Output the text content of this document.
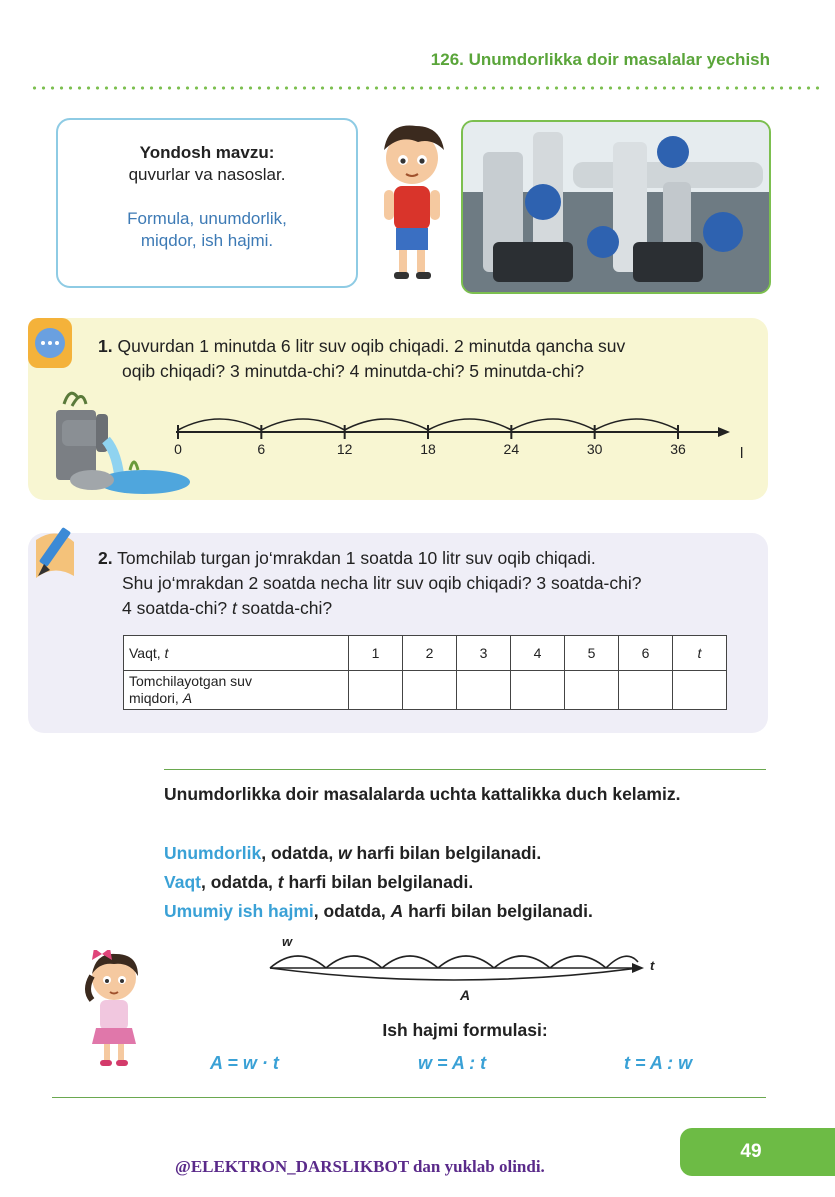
126. Unumdorlikka doir masalalar yechish
Yondosh mavzu:
quvurlar va nasoslar.
Formula, unumdorlik,
miqdor, ish hajmi.
1. Quvurdan 1 minutda 6 litr suv oqib chiqadi. 2 minutda qancha suv
oqib chiqadi? 3 minutda-chi? 4 minutda-chi? 5 minutda-chi?
0	6	12	18	24	30	36	l
2. Tomchilab turgan jo‘mrakdan 1 soatda 10 litr suv oqib chiqadi.
Shu jo‘mrakdan 2 soatda necha litr suv oqib chiqadi? 3 soatda-chi?
4 soatda-chi? t soatda-chi?
Vaqt, t	1	2	3	4	5	6	t

Tomchilayotgan suv
miqdori, A							

Unumdorlikka doir masalalarda uchta kattalikka duch kelamiz.
Unumdorlik, odatda, w harfi bilan belgilanadi.
Vaqt, odatda, t harfi bilan belgilanadi.
Umumiy ish hajmi, odatda, A harfi bilan belgilanadi.
w
t
A
Ish hajmi formulasi:
A = w · t	w = A : t	t = A : w
@ELEKTRON_DARSLIKBOT dan yuklab olindi.
49
